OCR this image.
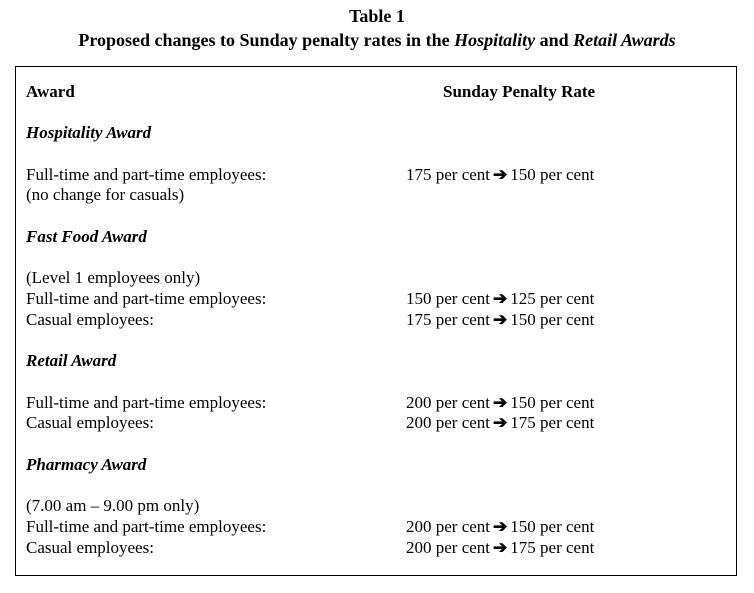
Table 1
Proposed changes to Sunday penalty rates in the Hospitality and Retail Awards
Award	Sunday Penalty Rate
Hospitality Award
Full-time and part-time employees:	175 per cent ➔ 150 per cent
(no change for casuals)
Fast Food Award
(Level 1 employees only)
Full-time and part-time employees:	150 per cent ➔ 125 per cent
Casual employees:	175 per cent ➔ 150 per cent
Retail Award
Full-time and part-time employees:	200 per cent ➔ 150 per cent
Casual employees:	200 per cent ➔ 175 per cent
Pharmacy Award
(7.00 am – 9.00 pm only)
Full-time and part-time employees:	200 per cent ➔ 150 per cent
Casual employees:	200 per cent ➔ 175 per cent
